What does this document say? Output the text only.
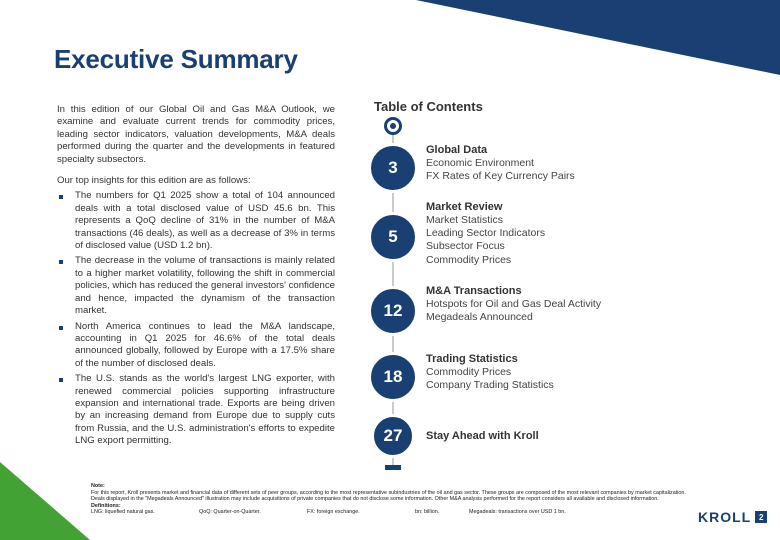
Executive Summary

In this edition of our Global Oil and Gas M&A Outlook, we examine and evaluate current trends for commodity prices, leading sector indicators, valuation developments, M&A deals performed during the quarter and the developments in featured specialty subsectors.

Our top insights for this edition are as follows:

The numbers for Q1 2025 show a total of 104 announced deals with a total disclosed value of USD 45.6 bn. This represents a QoQ decline of 31% in the number of M&A transactions (46 deals), as well as a decrease of 3% in terms of disclosed value (USD 1.2 bn).
The decrease in the volume of transactions is mainly related to a higher market volatility, following the shift in commercial policies, which has reduced the general investors' confidence and hence, impacted the dynamism of the transaction market.
North America continues to lead the M&A landscape, accounting in Q1 2025 for 46.6% of the total deals announced globally, followed by Europe with a 17.5% share of the number of disclosed deals.
The U.S. stands as the world's largest LNG exporter, with renewed commercial policies supporting infrastructure expansion and international trade. Exports are being driven by an increasing demand from Europe due to supply cuts from Russia, and the U.S. administration's efforts to expedite LNG export permitting.
Table of Contents
3
Global Data
Economic Environment
FX Rates of Key Currency Pairs
5
Market Review
Market Statistics
Leading Sector Indicators
Subsector Focus
Commodity Prices
12
M&A Transactions
Hotspots for Oil and Gas Deal Activity
Megadeals Announced
18
Trading Statistics
Commodity Prices
Company Trading Statistics
27	Stay Ahead with Kroll
Note:
For this report, Kroll presents market and financial data of different sets of peer groups, according to the most representative subindustries of the oil and gas sector. These groups are composed of the most relevant companies by market capitalization.
Deals displayed in the "Megadeals Announced" illustration may include acquisitions of private companies that do not disclose some information. Other M&A analysis performed for the report considers all available and disclosed information.
Definitions:
LNG: liquefied natural gas.	QoQ: Quarter-on-Quarter.	FX: foreign exchange.	bn: billion.	Megadeals: transactions over USD 1 bn.	KROLL 2
